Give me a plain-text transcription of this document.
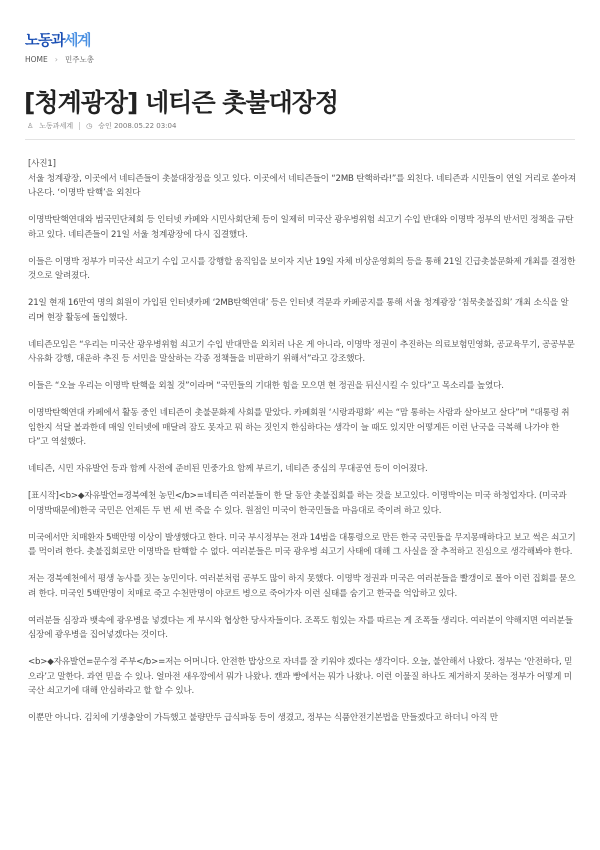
노동과세계
HOME › 민주노총
[청계광장] 네티즌 촛불대장정
♙ 노동과세계 ◷ 승인 2008.05.22 03:04

[사진1]
서울 청계광장, 이곳에서 네티즌들이 촛불대장정을 잇고 있다. 이곳에서 네티즌들이 “2MB 탄핵하라!”를 외친다. 네티즌과 시민들이 연일 거리로 쏟아져 나온다. ‘이명박 탄핵’을 외친다

이명박탄핵연대와 범국민단체회 등 인터넷 카페와 시민사회단체 등이 일제히 미국산 광우병위험 쇠고기 수입 반대와 이명박 정부의 반서민 정책을 규탄하고 있다. 네티즌들이 21일 서울 청계광장에 다시 집결했다.

이들은 이명박 정부가 미국산 쇠고기 수입 고시를 강행할 움직임을 보이자 지난 19일 자체 비상운영회의 등을 통해 21일 긴급촛불문화제 개최를 결정한 것으로 알려졌다.

21일 현재 16만여 명의 회원이 가입된 인터넷카페 ‘2MB탄핵연대’ 등은 인터넷 격문과 카페공지를 통해 서울 청계광장 ‘침묵촛불집회’ 개최 소식을 알리며 현장 활동에 돌입했다.

네티즌모임은 “우리는 미국산 광우병위험 쇠고기 수입 반대만을 외치러 나온 게 아니라, 이명박 정권이 추진하는 의료보험민영화, 공교육무기, 공공부문 사유화 강행, 대운하 추진 등 서민을 말살하는 각종 정책들을 비판하기 위해서”라고 강조했다.

이들은 “오늘 우리는 이명박 탄핵을 외칠 것”이라며 “국민들의 기대한 힘을 모으면 현 정권을 뒤신시킬 수 있다”고 목소리를 높였다.

이명박탄핵연대 카페에서 활동 중인 네티즌이 촛불문화제 사회를 맡았다. 카페회원 ‘시랑과평화’ 씨는 “맘 통하는 사람과 살아보고 살다”며 “대통령 취임한지 석달 볼과한데 매일 인터넷에 매달려 잠도 못자고 뭐 하는 짓인지 한심하다는 생각이 늘 때도 있지만 어떻게든 이런 난국을 극복해 나가야 한다”고 역설했다.

네티즌, 시민 자유발언 등과 함께 사전에 준비된 민중가요 함께 부르기, 네티즌 중심의 무대공연 등이 이어졌다.

[표시작]<b>◆자유발언=경북예천 농민</b>=네티즌 여러분들이 한 달 동안 촛불집회를 하는 것을 보고있다. 이명박이는 미국 하청업자다. (미국과 이명박때문에)한국 국민은 언제든 두 번 세 번 죽을 수 있다. 원점인 미국이 한국민들을 마음대로 죽이려 하고 있다.

미국에서만 치매환자 5백만명 이상이 발생했다고 한다. 미국 부시정부는 전과 14범을 대통령으로 만든 한국 국민들을 무지몽매하다고 보고 썩은 쇠고기를 먹이려 한다. 촛불집회로만 이명박을 탄핵할 수 없다. 여러분들은 미국 광우병 쇠고기 사태에 대해 그 사실을 잘 추적하고 진심으로 생각해봐야 한다.

저는 경북예천에서 평생 농사를 짓는 농민이다. 여러분처럼 공부도 많이 하지 못했다. 이명박 정권과 미국은 여러분들을 빨갱이로 몰아 이런 집회를 묻으려 한다. 미국인 5백만명이 치매로 죽고 수천만명이 야코트 병으로 죽어가자 이런 실태를 숨기고 한국을 억압하고 있다.

여러분들 심장과 뱃속에 광우병을 넣겠다는 게 부시와 협상한 당사자들이다. 조폭도 힘있는 자를 따르는 게 조폭들 생리다. 여러분이 약해지면 여러분들 심장에 광우병을 집어넣겠다는 것이다.

<b>◆자유발언=문수정 주부</b>=저는 어머니다. 안전한 밥상으로 자녀를 잘 키워야 겠다는 생각이다. 오늘, 불안해서 나왔다. 정부는 ‘안전하다, 믿으라’고 말한다. 과연 믿을 수 있나. 얼마전 새우깡에서 뭐가 나왔나. 캔과 빵에서는 뭐가 나왔나. 이런 이물질 하나도 제거하지 못하는 정부가 어떻게 미국산 쇠고기에 대해 안심하라고 할 할 수 있나.

이뿐만 아니다. 김치에 기생충알이 가득했고 불량만두 급식파동 등이 생겼고, 정부는 식품안전기본법을 만들겠다고 하더니 아직 만
